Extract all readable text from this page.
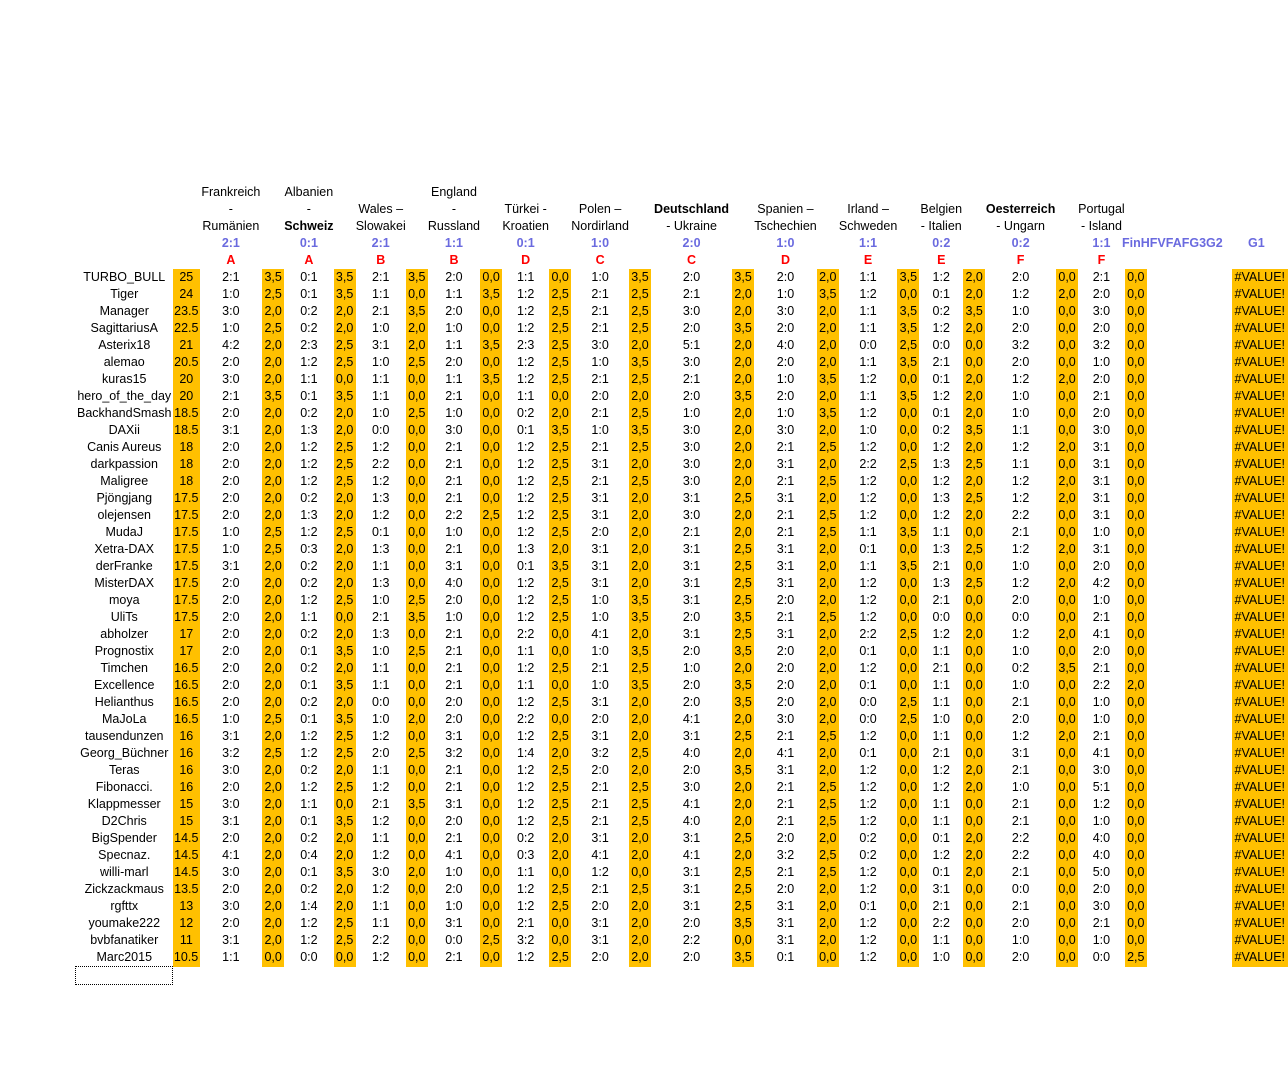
FinHFVFAFG3G2 G1
		Frankreich		Albanien				England																			
		-		-		Wales –		-		Türkei -		Polen –		Deutschland		Spanien –		Irland –		Belgien		Oesterreich		Portugal			
		Rumänien		Schweiz		Slowakei		Russland		Kroatien		Nordirland		- Ukraine		Tschechien		Schweden		- Italien		- Ungarn		- Island			
		2:1		0:1		2:1		1:1		0:1		1:0		2:0		1:0		1:1		0:2		0:2		1:1			
		A		A		B		B		D		C		C		D		E		E		F		F			
TURBO_BULL	25	2:1	3,5	0:1	3,5	2:1	3,5	2:0	0,0	1:1	0,0	1:0	3,5	2:0	3,5	2:0	2,0	1:1	3,5	1:2	2,0	2:0	0,0	2:1	0,0		#VALUE!
Tiger	24	1:0	2,5	0:1	3,5	1:1	0,0	1:1	3,5	1:2	2,5	2:1	2,5	2:1	2,0	1:0	3,5	1:2	0,0	0:1	2,0	1:2	2,0	2:0	0,0		#VALUE!
Manager	23.5	3:0	2,0	0:2	2,0	2:1	3,5	2:0	0,0	1:2	2,5	2:1	2,5	3:0	2,0	3:0	2,0	1:1	3,5	0:2	3,5	1:0	0,0	3:0	0,0		#VALUE!
SagittariusA	22.5	1:0	2,5	0:2	2,0	1:0	2,0	1:0	0,0	1:2	2,5	2:1	2,5	2:0	3,5	2:0	2,0	1:1	3,5	1:2	2,0	2:0	0,0	2:0	0,0		#VALUE!
Asterix18	21	4:2	2,0	2:3	2,5	3:1	2,0	1:1	3,5	2:3	2,5	3:0	2,0	5:1	2,0	4:0	2,0	0:0	2,5	0:0	0,0	3:2	0,0	3:2	0,0		#VALUE!
alemao	20.5	2:0	2,0	1:2	2,5	1:0	2,5	2:0	0,0	1:2	2,5	1:0	3,5	3:0	2,0	2:0	2,0	1:1	3,5	2:1	0,0	2:0	0,0	1:0	0,0		#VALUE!
kuras15	20	3:0	2,0	1:1	0,0	1:1	0,0	1:1	3,5	1:2	2,5	2:1	2,5	2:1	2,0	1:0	3,5	1:2	0,0	0:1	2,0	1:2	2,0	2:0	0,0		#VALUE!
hero_of_the_day	20	2:1	3,5	0:1	3,5	1:1	0,0	2:1	0,0	1:1	0,0	2:0	2,0	2:0	3,5	2:0	2,0	1:1	3,5	1:2	2,0	1:0	0,0	2:1	0,0		#VALUE!
BackhandSmash	18.5	2:0	2,0	0:2	2,0	1:0	2,5	1:0	0,0	0:2	2,0	2:1	2,5	1:0	2,0	1:0	3,5	1:2	0,0	0:1	2,0	1:0	0,0	2:0	0,0		#VALUE!
DAXii	18.5	3:1	2,0	1:3	2,0	0:0	0,0	3:0	0,0	0:1	3,5	1:0	3,5	3:0	2,0	3:0	2,0	1:0	0,0	0:2	3,5	1:1	0,0	3:0	0,0		#VALUE!
Canis Aureus	18	2:0	2,0	1:2	2,5	1:2	0,0	2:1	0,0	1:2	2,5	2:1	2,5	3:0	2,0	2:1	2,5	1:2	0,0	1:2	2,0	1:2	2,0	3:1	0,0		#VALUE!
darkpassion	18	2:0	2,0	1:2	2,5	2:2	0,0	2:1	0,0	1:2	2,5	3:1	2,0	3:0	2,0	3:1	2,0	2:2	2,5	1:3	2,5	1:1	0,0	3:1	0,0		#VALUE!
Maligree	18	2:0	2,0	1:2	2,5	1:2	0,0	2:1	0,0	1:2	2,5	2:1	2,5	3:0	2,0	2:1	2,5	1:2	0,0	1:2	2,0	1:2	2,0	3:1	0,0		#VALUE!
Pjöngjang	17.5	2:0	2,0	0:2	2,0	1:3	0,0	2:1	0,0	1:2	2,5	3:1	2,0	3:1	2,5	3:1	2,0	1:2	0,0	1:3	2,5	1:2	2,0	3:1	0,0		#VALUE!
olejensen	17.5	2:0	2,0	1:3	2,0	1:2	0,0	2:2	2,5	1:2	2,5	3:1	2,0	3:0	2,0	2:1	2,5	1:2	0,0	1:2	2,0	2:2	0,0	3:1	0,0		#VALUE!
MudaJ	17.5	1:0	2,5	1:2	2,5	0:1	0,0	1:0	0,0	1:2	2,5	2:0	2,0	2:1	2,0	2:1	2,5	1:1	3,5	1:1	0,0	2:1	0,0	1:0	0,0		#VALUE!
Xetra-DAX	17.5	1:0	2,5	0:3	2,0	1:3	0,0	2:1	0,0	1:3	2,0	3:1	2,0	3:1	2,5	3:1	2,0	0:1	0,0	1:3	2,5	1:2	2,0	3:1	0,0		#VALUE!
derFranke	17.5	3:1	2,0	0:2	2,0	1:1	0,0	3:1	0,0	0:1	3,5	3:1	2,0	3:1	2,5	3:1	2,0	1:1	3,5	2:1	0,0	1:0	0,0	2:0	0,0		#VALUE!
MisterDAX	17.5	2:0	2,0	0:2	2,0	1:3	0,0	4:0	0,0	1:2	2,5	3:1	2,0	3:1	2,5	3:1	2,0	1:2	0,0	1:3	2,5	1:2	2,0	4:2	0,0		#VALUE!
moya	17.5	2:0	2,0	1:2	2,5	1:0	2,5	2:0	0,0	1:2	2,5	1:0	3,5	3:1	2,5	2:0	2,0	1:2	0,0	2:1	0,0	2:0	0,0	1:0	0,0		#VALUE!
UliTs	17.5	2:0	2,0	1:1	0,0	2:1	3,5	1:0	0,0	1:2	2,5	1:0	3,5	2:0	3,5	2:1	2,5	1:2	0,0	0:0	0,0	0:0	0,0	2:1	0,0		#VALUE!
abholzer	17	2:0	2,0	0:2	2,0	1:3	0,0	2:1	0,0	2:2	0,0	4:1	2,0	3:1	2,5	3:1	2,0	2:2	2,5	1:2	2,0	1:2	2,0	4:1	0,0		#VALUE!
Prognostix	17	2:0	2,0	0:1	3,5	1:0	2,5	2:1	0,0	1:1	0,0	1:0	3,5	2:0	3,5	2:0	2,0	0:1	0,0	1:1	0,0	1:0	0,0	2:0	0,0		#VALUE!
Timchen	16.5	2:0	2,0	0:2	2,0	1:1	0,0	2:1	0,0	1:2	2,5	2:1	2,5	1:0	2,0	2:0	2,0	1:2	0,0	2:1	0,0	0:2	3,5	2:1	0,0		#VALUE!
Excellence	16.5	2:0	2,0	0:1	3,5	1:1	0,0	2:1	0,0	1:1	0,0	1:0	3,5	2:0	3,5	2:0	2,0	0:1	0,0	1:1	0,0	1:0	0,0	2:2	2,0		#VALUE!
Helianthus	16.5	2:0	2,0	0:2	2,0	0:0	0,0	2:0	0,0	1:2	2,5	3:1	2,0	2:0	3,5	2:0	2,0	0:0	2,5	1:1	0,0	2:1	0,0	1:0	0,0		#VALUE!
MaJoLa	16.5	1:0	2,5	0:1	3,5	1:0	2,0	2:0	0,0	2:2	0,0	2:0	2,0	4:1	2,0	3:0	2,0	0:0	2,5	1:0	0,0	2:0	0,0	1:0	0,0		#VALUE!
tausendunzen	16	3:1	2,0	1:2	2,5	1:2	0,0	3:1	0,0	1:2	2,5	3:1	2,0	3:1	2,5	2:1	2,5	1:2	0,0	1:1	0,0	1:2	2,0	2:1	0,0		#VALUE!
Georg_Büchner	16	3:2	2,5	1:2	2,5	2:0	2,5	3:2	0,0	1:4	2,0	3:2	2,5	4:0	2,0	4:1	2,0	0:1	0,0	2:1	0,0	3:1	0,0	4:1	0,0		#VALUE!
Teras	16	3:0	2,0	0:2	2,0	1:1	0,0	2:1	0,0	1:2	2,5	2:0	2,0	2:0	3,5	3:1	2,0	1:2	0,0	1:2	2,0	2:1	0,0	3:0	0,0		#VALUE!
Fibonacci.	16	2:0	2,0	1:2	2,5	1:2	0,0	2:1	0,0	1:2	2,5	2:1	2,5	3:0	2,0	2:1	2,5	1:2	0,0	1:2	2,0	1:0	0,0	5:1	0,0		#VALUE!
Klappmesser	15	3:0	2,0	1:1	0,0	2:1	3,5	3:1	0,0	1:2	2,5	2:1	2,5	4:1	2,0	2:1	2,5	1:2	0,0	1:1	0,0	2:1	0,0	1:2	0,0		#VALUE!
D2Chris	15	3:1	2,0	0:1	3,5	1:2	0,0	2:0	0,0	1:2	2,5	2:1	2,5	4:0	2,0	2:1	2,5	1:2	0,0	1:1	0,0	2:1	0,0	1:0	0,0		#VALUE!
BigSpender	14.5	2:0	2,0	0:2	2,0	1:1	0,0	2:1	0,0	0:2	2,0	3:1	2,0	3:1	2,5	2:0	2,0	0:2	0,0	0:1	2,0	2:2	0,0	4:0	0,0		#VALUE!
Specnaz.	14.5	4:1	2,0	0:4	2,0	1:2	0,0	4:1	0,0	0:3	2,0	4:1	2,0	4:1	2,0	3:2	2,5	0:2	0,0	1:2	2,0	2:2	0,0	4:0	0,0		#VALUE!
willi-marl	14.5	3:0	2,0	0:1	3,5	3:0	2,0	1:0	0,0	1:1	0,0	1:2	0,0	3:1	2,5	2:1	2,5	1:2	0,0	0:1	2,0	2:1	0,0	5:0	0,0		#VALUE!
Zickzackmaus	13.5	2:0	2,0	0:2	2,0	1:2	0,0	2:0	0,0	1:2	2,5	2:1	2,5	3:1	2,5	2:0	2,0	1:2	0,0	3:1	0,0	0:0	0,0	2:0	0,0		#VALUE!
rgfttx	13	3:0	2,0	1:4	2,0	1:1	0,0	1:0	0,0	1:2	2,5	2:0	2,0	3:1	2,5	3:1	2,0	0:1	0,0	2:1	0,0	2:1	0,0	3:0	0,0		#VALUE!
youmake222	12	2:0	2,0	1:2	2,5	1:1	0,0	3:1	0,0	2:1	0,0	3:1	2,0	2:0	3,5	3:1	2,0	1:2	0,0	2:2	0,0	2:0	0,0	2:1	0,0		#VALUE!
bvbfanatiker	11	3:1	2,0	1:2	2,5	2:2	0,0	0:0	2,5	3:2	0,0	3:1	2,0	2:2	0,0	3:1	2,0	1:2	0,0	1:1	0,0	1:0	0,0	1:0	0,0		#VALUE!
Marc2015	10.5	1:1	0,0	0:0	0,0	1:2	0,0	2:1	0,0	1:2	2,5	2:0	2,0	2:0	3,5	0:1	0,0	1:2	0,0	1:0	0,0	2:0	0,0	0:0	2,5		#VALUE!
